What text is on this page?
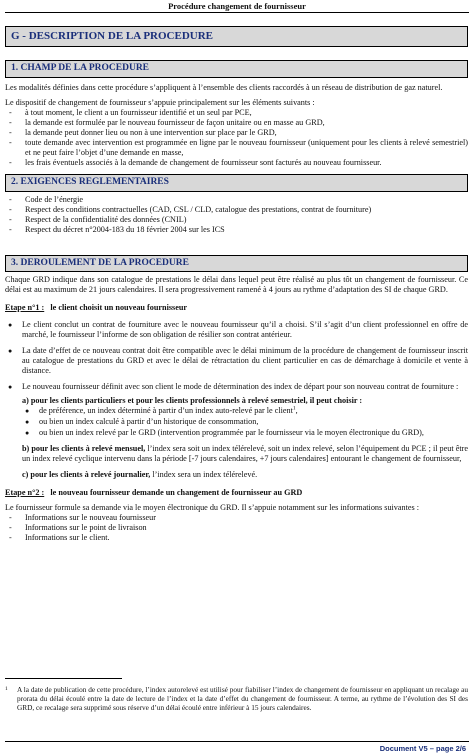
Procédure changement de fournisseur
G - DESCRIPTION DE LA PROCEDURE
1. CHAMP DE LA PROCEDURE

Les modalités définies dans cette procédure s’appliquent à l’ensemble des clients raccordés à un réseau de distribution de gaz naturel.

Le dispositif de changement de fournisseur s’appuie principalement sur les éléments suivants :

-	à tout moment, le client a un fournisseur identifié et un seul par PCE,
-	la demande est formulée par le nouveau fournisseur de façon unitaire ou en masse au GRD,
-	la demande peut donner lieu ou non à une intervention sur place par le GRD,
-	toute demande avec intervention est programmée en ligne par le nouveau fournisseur (uniquement pour les clients à relevé semestriel) et ne peut faire l’objet d’une demande en masse,
-	les frais éventuels associés à la demande de changement de fournisseur sont facturés au nouveau fournisseur.
2. EXIGENCES REGLEMENTAIRES
-	Code de l’énergie
-	Respect des conditions contractuelles (CAD, CSL / CLD, catalogue des prestations, contrat de fourniture)
-	Respect de la confidentialité des données (CNIL)
-	Respect du décret n°2004-183 du 18 février 2004 sur les ICS
3. DEROULEMENT DE LA PROCEDURE

Chaque GRD indique dans son catalogue de prestations le délai dans lequel peut être réalisé au plus tôt un changement de fournisseur. Ce délai est au maximum de 21 jours calendaires. Il sera progressivement ramené à 4 jours au rythme d’adaptation des SI de chaque GRD.

Etape n°1 : le client choisit un nouveau fournisseur
●	Le client conclut un contrat de fourniture avec le nouveau fournisseur qu’il a choisi. S’il s’agit d’un client professionnel en offre de marché, le fournisseur l’informe de son obligation de résilier son contrat antérieur.
●	La date d’effet de ce nouveau contrat doit être compatible avec le délai minimum de la procédure de changement de fournisseur inscrit au catalogue de prestations du GRD et avec le délai de rétractation du client particulier en cas de démarchage à domicile et vente à distance.
●	Le nouveau fournisseur définit avec son client le mode de détermination des index de départ pour son nouveau contrat de fourniture :
a) pour les clients particuliers et pour les clients professionnels à relevé semestriel, il peut choisir :
●	de préférence, un index déterminé à partir d’un index auto-relevé par le client$^1$,
●	ou bien un index calculé à partir d’un historique de consommation,
●	ou bien un index relevé par le GRD (intervention programmée par le fournisseur via le moyen électronique du GRD),
b) pour les clients à relevé mensuel, l’index sera soit un index télérelevé, soit un index relevé, selon l’équipement du PCE ; il peut être un index relevé cyclique intervenu dans la période [-7 jours calendaires, +7 jours calendaires] entourant le changement de fournisseur,
c) pour les clients à relevé journalier, l’index sera un index télérelevé.
Etape n°2 : le nouveau fournisseur demande un changement de fournisseur au GRD

Le fournisseur formule sa demande via le moyen électronique du GRD. Il s’appuie notamment sur les informations suivantes :

-	Informations sur le nouveau fournisseur
-	Informations sur le point de livraison
-	Informations sur le client.
1	A la date de publication de cette procédure, l’index autorelevé est utilisé pour fiabiliser l’index de changement de fournisseur en appliquant un recalage au prorata du délai écoulé entre la date de lecture de l’index et la date d’effet du changement de fournisseur. A terme, au rythme de l’évolution des SI des GRD, ce recalage sera supprimé sous réserve d’un délai écoulé entre inférieur à 15 jours calendaires.
Document V5 – page 2/6
